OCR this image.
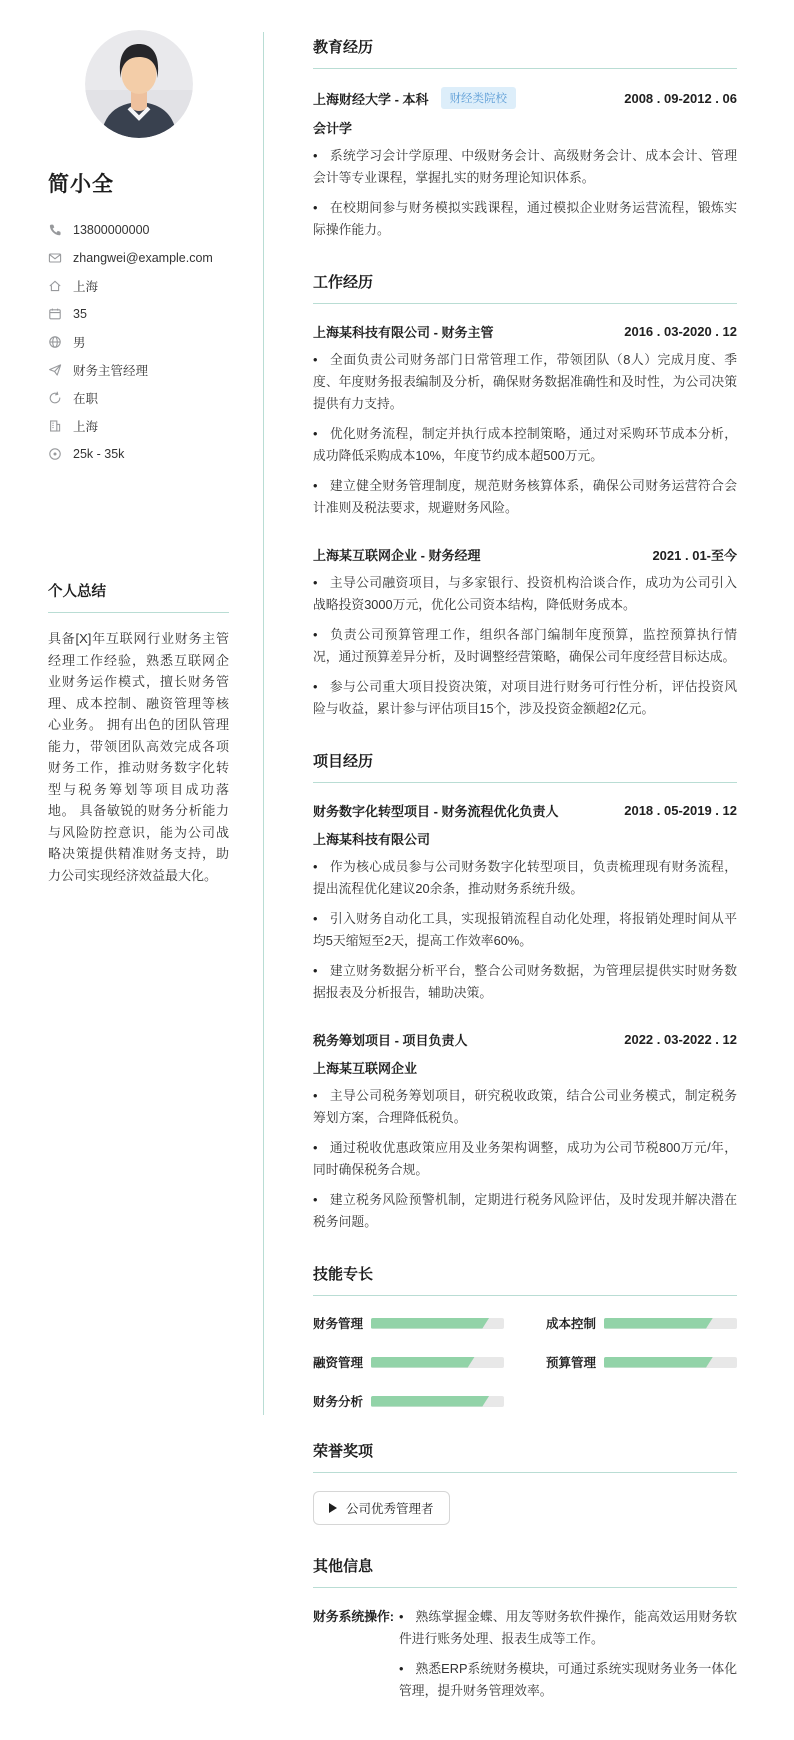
简小全
13800000000
zhangwei@example.com
上海
35
男
财务主管经理
在职
上海
25k - 35k
个人总结
具备[X]年互联网行业财务主管经理工作经验，熟悉互联网企业财务运作模式，擅长财务管理、成本控制、融资管理等核心业务。 拥有出色的团队管理能力，带领团队高效完成各项财务工作，推动财务数字化转型与税务筹划等项目成功落地。 具备敏锐的财务分析能力与风险防控意识，能为公司战略决策提供精准财务支持，助力公司实现经济效益最大化。
教育经历
上海财经大学 - 本科	财经类院校	2008 . 09-2012 . 06
会计学

• 系统学习会计学原理、中级财务会计、高级财务会计、成本会计、管理会计等专业课程，掌握扎实的财务理论知识体系。

• 在校期间参与财务模拟实践课程，通过模拟企业财务运营流程，锻炼实际操作能力。

工作经历
上海某科技有限公司 - 财务主管	2016 . 03-2020 . 12

• 全面负责公司财务部门日常管理工作，带领团队（8人）完成月度、季度、年度财务报表编制及分析，确保财务数据准确性和及时性，为公司决策提供有力支持。

• 优化财务流程，制定并执行成本控制策略，通过对采购环节成本分析，成功降低采购成本10%，年度节约成本超500万元。

• 建立健全财务管理制度，规范财务核算体系，确保公司财务运营符合会计准则及税法要求，规避财务风险。

上海某互联网企业 - 财务经理	2021 . 01-至今

• 主导公司融资项目，与多家银行、投资机构洽谈合作，成功为公司引入战略投资3000万元，优化公司资本结构，降低财务成本。

• 负责公司预算管理工作，组织各部门编制年度预算，监控预算执行情况，通过预算差异分析，及时调整经营策略，确保公司年度经营目标达成。

• 参与公司重大项目投资决策，对项目进行财务可行性分析，评估投资风险与收益，累计参与评估项目15个，涉及投资金额超2亿元。

项目经历
财务数字化转型项目 - 财务流程优化负责人	2018 . 05-2019 . 12
上海某科技有限公司

• 作为核心成员参与公司财务数字化转型项目，负责梳理现有财务流程，提出流程优化建议20余条，推动财务系统升级。

• 引入财务自动化工具，实现报销流程自动化处理，将报销处理时间从平均5天缩短至2天，提高工作效率60%。

• 建立财务数据分析平台，整合公司财务数据，为管理层提供实时财务数据报表及分析报告，辅助决策。

税务筹划项目 - 项目负责人	2022 . 03-2022 . 12
上海某互联网企业

• 主导公司税务筹划项目，研究税收政策，结合公司业务模式，制定税务筹划方案，合理降低税负。

• 通过税收优惠政策应用及业务架构调整，成功为公司节税800万元/年，同时确保税务合规。

• 建立税务风险预警机制，定期进行税务风险评估，及时发现并解决潜在税务问题。

技能专长
财务管理	成本控制
融资管理	预算管理
财务分析
荣誉奖项
公司优秀管理者
其他信息
财务系统操作:	• 熟练掌握金蝶、用友等财务软件操作，能高效运用财务软件进行账务处理、报表生成等工作。

• 熟悉ERP系统财务模块，可通过系统实现财务业务一体化管理，提升财务管理效率。
